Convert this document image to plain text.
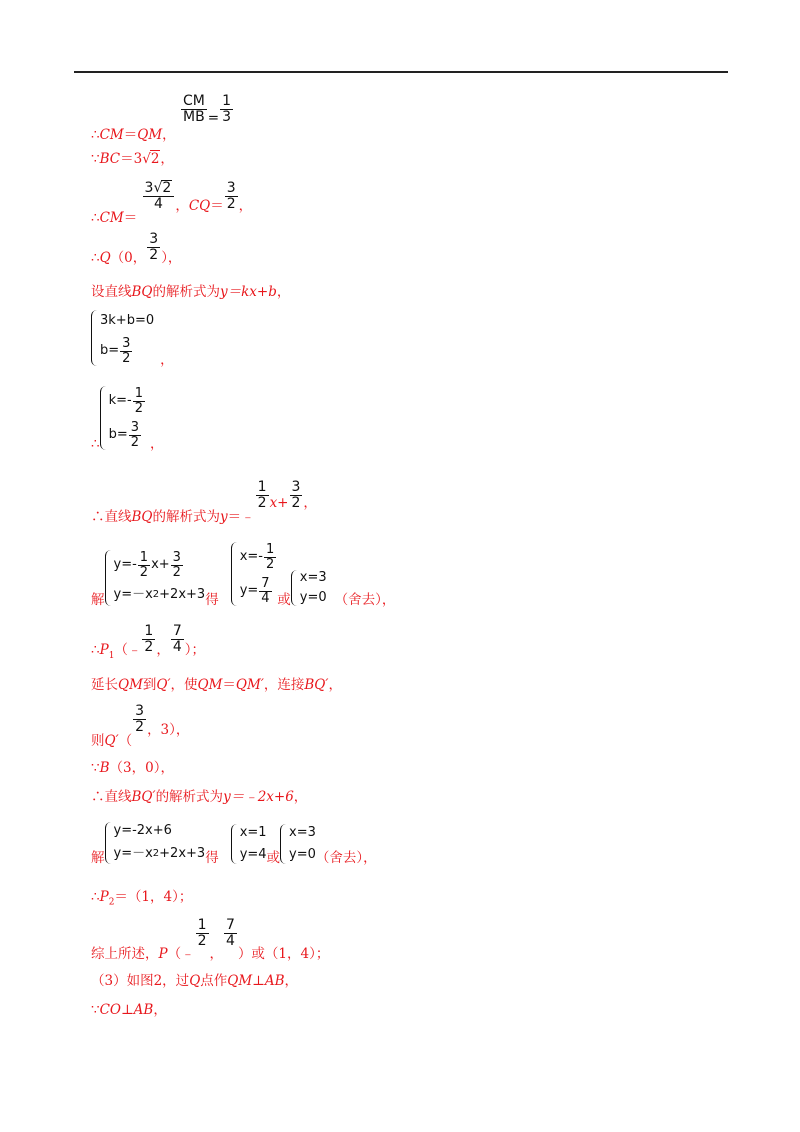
∴CM＝QM，
$\frac{CM}{MB} = \frac{1}{3}$
∵BC＝3√2，
∴CM＝
$\frac{3√2}{4}$ ，$CQ= \frac{3}{2}$ ，
∴Q（0， $\frac{3}{2}$ ），
设直线BQ的解析式为y＝kx+b，
3k+b=0
$b= \frac{3}{2}$ ，
∴
$k=- \frac{1}{2}$
$b= \frac{3}{2}$ ，
∴直线BQ的解析式为y＝﹣
$\frac{1}{2} x+ \frac{3}{2}$ ，
解
$y=- \frac{1}{2} x+ \frac{3}{2}$
y=－x 2 +2x+3 得
$x=- \frac{1}{2}$
$y= \frac{7}{4}$ 或
x=3
y=0 （舍去），
$\therefore P_1(﹣ \frac{1}{2}$ ， $\frac{7}{4}$ ）；
延长QM到Q′，使QM＝QM′，连接BQ′，
则Q′（
$\frac{3}{2}$ ，3），
∵B（3，0），
∴直线BQ′的解析式为y＝﹣2x+6，
解
y=-2x+6
y=－x 2 +2x+3 得
x=1
y=4 或
x=3
y=0 （舍去），
$\therefore P_2=(1$，4）；
综上所述，P（﹣
$\frac{1}{2}$
，
$\frac{7}{4}$
）或（1，4）；
（3）如图2，过Q点作QM⊥AB，
∵CO⊥AB，
